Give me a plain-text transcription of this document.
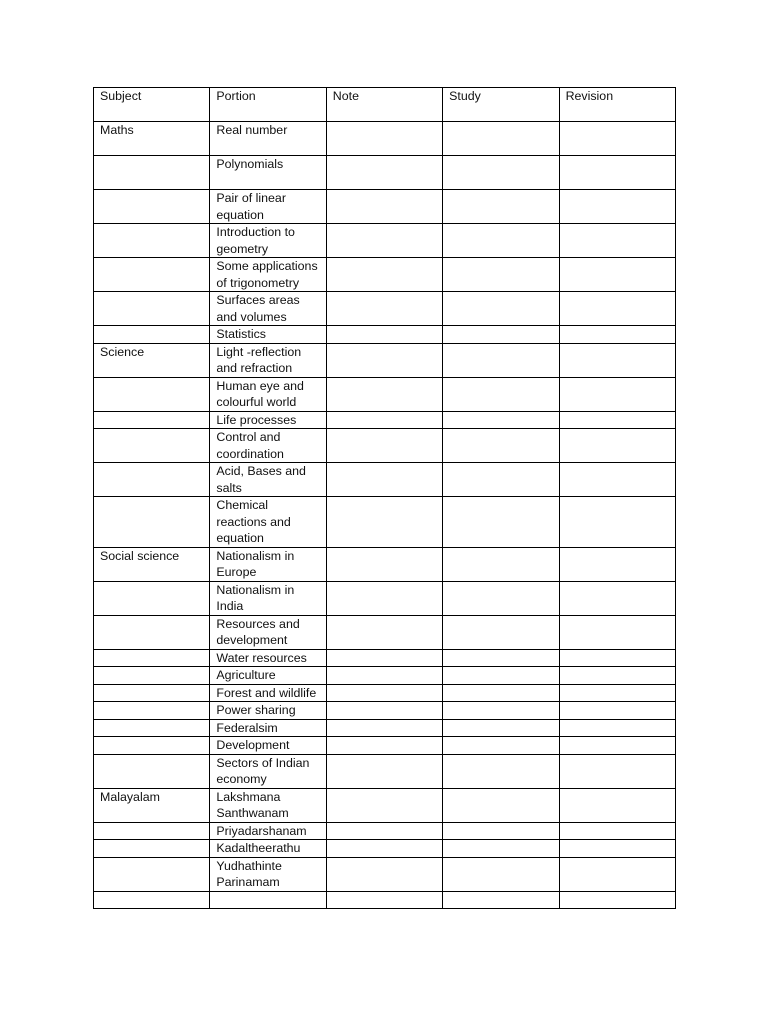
Subject	Portion	Note	Study	Revision
Maths	Real number			
	Polynomials			
	Pair of linear equation			
	Introduction to geometry			
	Some applications of trigonometry			
	Surfaces areas and volumes			
	Statistics			
Science	Light -reflection and refraction			
	Human eye and colourful world			
	Life processes			
	Control and coordination			
	Acid, Bases and salts			
	Chemical reactions and equation			
Social science	Nationalism in Europe			
	Nationalism in India			
	Resources and development			
	Water resources			
	Agriculture			
	Forest and wildlife			
	Power sharing			
	Federalsim			
	Development			
	Sectors of Indian economy			
Malayalam	Lakshmana Santhwanam			
	Priyadarshanam			
	Kadaltheerathu			
	Yudhathinte Parinamam			
